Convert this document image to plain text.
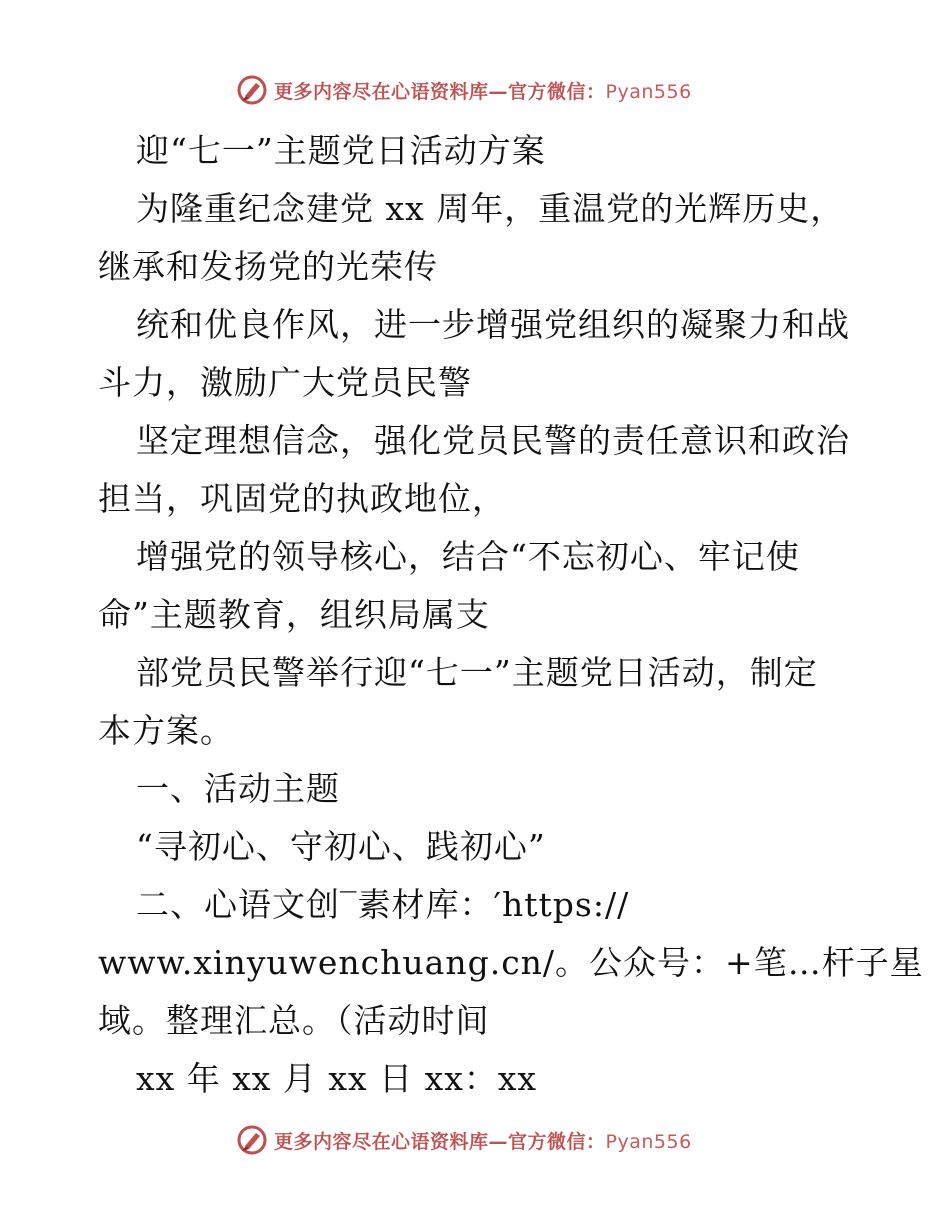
更多内容尽在心语资料库—官方微信：Pyan556
迎“七一”主题党日活动方案
为隆重纪念建党 xx 周年，重温党的光辉历史，
继承和发扬党的光荣传
统和优良作风，进一步增强党组织的凝聚力和战
斗力，激励广大党员民警
坚定理想信念，强化党员民警的责任意识和政治
担当，巩固党的执政地位，
增强党的领导核心，结合“不忘初心、牢记使
命”主题教育，组织局属支
部党员民警举行迎“七一”主题党日活动，制定
本方案。
一、活动主题
“寻初心、守初心、践初心”
二、心语文创‾素材库：′https://
www.xinyuwenchuang.cn/。公众号：+笔…杆子星
域。整理汇总。（活动时间
xx 年 xx 月 xx 日 xx：xx
更多内容尽在心语资料库—官方微信：Pyan556
